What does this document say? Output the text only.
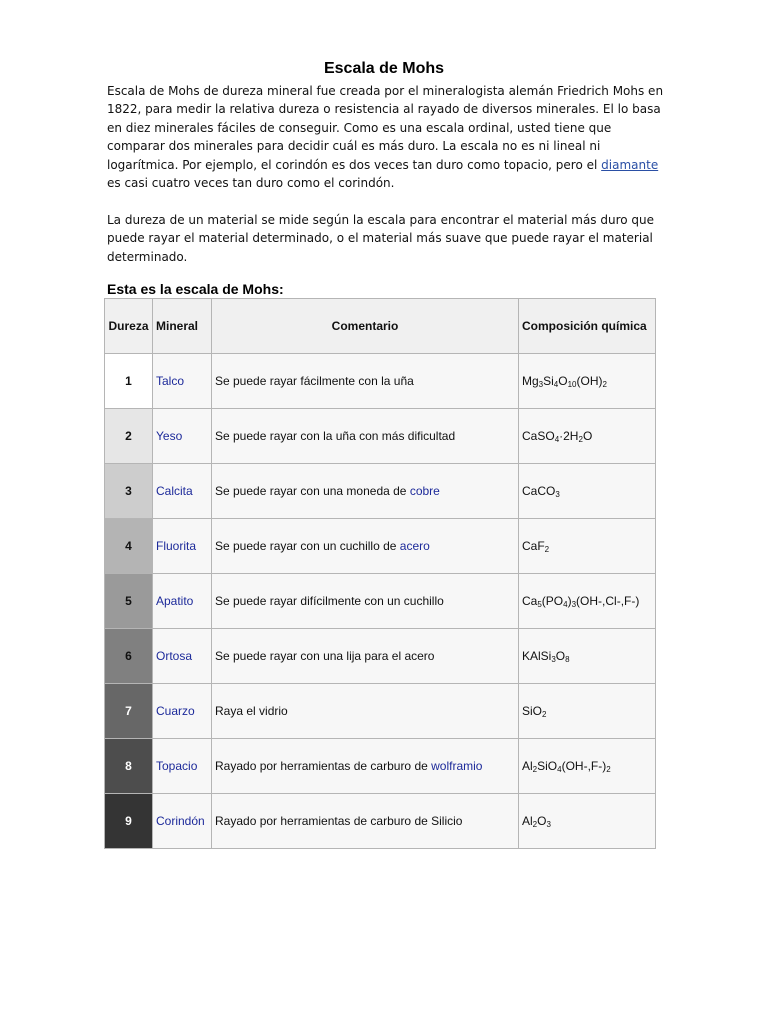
Escala de Mohs

Escala de Mohs de dureza mineral fue creada por el mineralogista alemán Friedrich Mohs en 1822, para medir la relativa dureza o resistencia al rayado de diversos minerales. El lo basa en diez minerales fáciles de conseguir. Como es una escala ordinal, usted tiene que comparar dos minerales para decidir cuál es más duro. La escala no es ni lineal ni logarítmica. Por ejemplo, el corindón es dos veces tan duro como topacio, pero el diamante es casi cuatro veces tan duro como el corindón.

La dureza de un material se mide según la escala para encontrar el material más duro que puede rayar el material determinado, o el material más suave que puede rayar el material determinado.

Esta es la escala de Mohs:
Dureza	Mineral	Comentario	Composición química
1	Talco	Se puede rayar fácilmente con la uña	$Mg_3Si_4O_{10}(OH)_2$
2	Yeso	Se puede rayar con la uña con más dificultad	$CaSO_4\cdot 2H_2O$
3	Calcita	Se puede rayar con una moneda de cobre	CaCO$_3$
4	Fluorita	Se puede rayar con un cuchillo de acero	CaF$_2$
5	Apatito	Se puede rayar difícilmente con un cuchillo	$Ca_5(PO_4)_3(OH-,Cl-,F-)$
6	Ortosa	Se puede rayar con una lija para el acero	$KAlSi_3O_8$
7	Cuarzo	Raya el vidrio	SiO$_2$
8	Topacio	Rayado por herramientas de carburo de wolframio	$Al_2SiO_4(OH-,F-)_2$
9	Corindón	Rayado por herramientas de carburo de Silicio	$Al_2O_3$
